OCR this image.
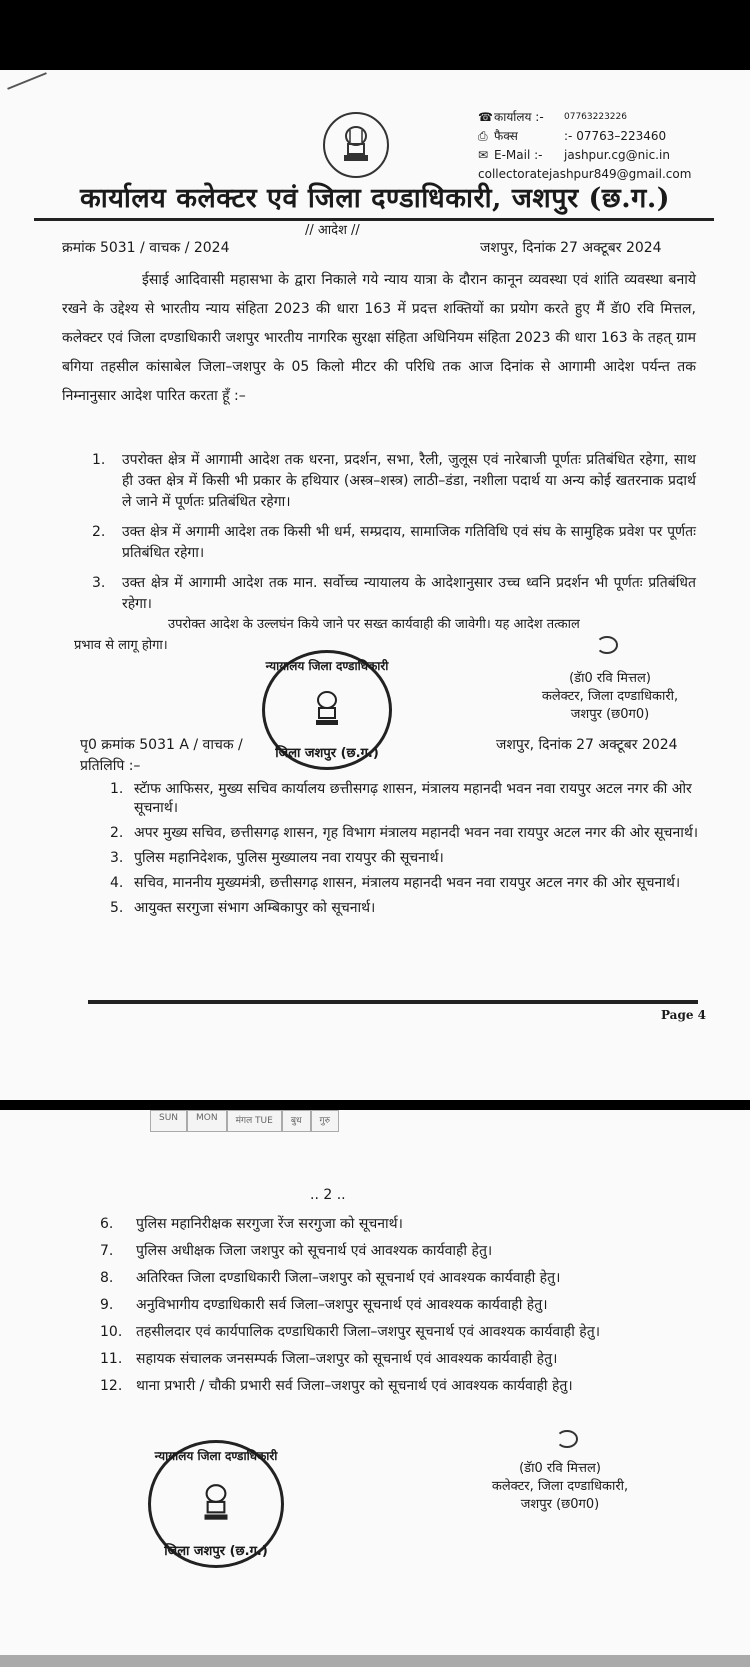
☎ कार्यालय :-	07763223226
⎙ फैक्स	:- 07763–223460
✉ E-Mail :-	jashpur.cg@nic.in
collectoratejashpur849@gmail.com
कार्यालय कलेक्टर एवं जिला दण्डाधिकारी, जशपुर (छ.ग.)
// आदेश //
क्रमांक 5031 / वाचक / 2024	जशपुर, दिनांक 27 अक्टूबर 2024
ईसाई आदिवासी महासभा के द्वारा निकाले गये न्याय यात्रा के दौरान कानून व्यवस्था एवं शांति व्यवस्था बनाये रखने के उद्देश्य से भारतीय न्याय संहिता 2023 की धारा 163 में प्रदत्त शक्तियों का प्रयोग करते हुए मैं डॅा0 रवि मित्तल, कलेक्टर एवं जिला दण्डाधिकारी जशपुर भारतीय नागरिक सुरक्षा संहिता अधिनियम संहिता 2023 की धारा 163 के तहत् ग्राम बगिया तहसील कांसाबेल जिला–जशपुर के 05 किलो मीटर की परिधि तक आज दिनांक से आगामी आदेश पर्यन्त तक निम्नानुसार आदेश पारित करता हूँ :–
1.	उपरोक्त क्षेत्र में आगामी आदेश तक धरना, प्रदर्शन, सभा, रैली, जुलूस एवं नारेबाजी पूर्णतः प्रतिबंधित रहेगा, साथ ही उक्त क्षेत्र में किसी भी प्रकार के हथियार (अस्त्र–शस्त्र) लाठी–डंडा, नशीला पदार्थ या अन्य कोई खतरनाक प्रदार्थ ले जाने में पूर्णतः प्रतिबंधित रहेगा।
2.	उक्त क्षेत्र में अगामी आदेश तक किसी भी धर्म, सम्प्रदाय, सामाजिक गतिविधि एवं संघ के सामुहिक प्रवेश पर पूर्णतः प्रतिबंधित रहेगा।
3.	उक्त क्षेत्र में आगामी आदेश तक मान. सर्वोच्च न्यायालय के आदेशानुसार उच्च ध्वनि प्रदर्शन भी पूर्णतः प्रतिबंधित रहेगा।
उपरोक्त आदेश के उल्लघंन किये जाने पर सख्त कार्यवाही की जावेगी। यह आदेश तत्काल
प्रभाव से लागू होगा।
(डॅा0 रवि मित्तल)
कलेक्टर, जिला दण्डाधिकारी,
जशपुर (छ0ग0)
न्यायालय जिला दण्डाधिकारी
जिला जशपुर (छ.ग.)
पृ0 क्रमांक 5031 A / वाचक /	जशपुर, दिनांक 27 अक्टूबर 2024
प्रतिलिपि :–
1. स्टॅाफ आफिसर, मुख्य सचिव कार्यालय छत्तीसगढ़ शासन, मंत्रालय महानदी भवन नवा रायपुर अटल नगर की ओर सूचनार्थ।
2. अपर मुख्य सचिव, छत्तीसगढ़ शासन, गृह विभाग मंत्रालय महानदी भवन नवा रायपुर अटल नगर की ओर सूचनार्थ।
3. पुलिस महानिदेशक, पुलिस मुख्यालय नवा रायपुर की सूचनार्थ।
4. सचिव, माननीय मुख्यमंत्री, छत्तीसगढ़ शासन, मंत्रालय महानदी भवन नवा रायपुर अटल नगर की ओर सूचनार्थ।
5. आयुक्त सरगुजा संभाग अम्बिकापुर को सूचनार्थ।
Page 4
SUN	MON	मंगल TUE	बुध	गुरु
.. 2 ..
6.	पुलिस महानिरीक्षक सरगुजा रेंज सरगुजा को सूचनार्थ।
7.	पुलिस अधीक्षक जिला जशपुर को सूचनार्थ एवं आवश्यक कार्यवाही हेतु।
8.	अतिरिक्त जिला दण्डाधिकारी जिला–जशपुर को सूचनार्थ एवं आवश्यक कार्यवाही हेतु।
9.	अनुविभागीय दण्डाधिकारी सर्व जिला–जशपुर सूचनार्थ एवं आवश्यक कार्यवाही हेतु।
10. तहसीलदार एवं कार्यपालिक दण्डाधिकारी जिला–जशपुर सूचनार्थ एवं आवश्यक कार्यवाही हेतु।
11. सहायक संचालक जनसम्पर्क जिला–जशपुर को सूचनार्थ एवं आवश्यक कार्यवाही हेतु।
12. थाना प्रभारी / चौकी प्रभारी सर्व जिला–जशपुर को सूचनार्थ एवं आवश्यक कार्यवाही हेतु।
(डॅा0 रवि मित्तल)
कलेक्टर, जिला दण्डाधिकारी,
जशपुर (छ0ग0)
न्यायालय जिला दण्डाधिकारी
जिला जशपुर (छ.ग.)
